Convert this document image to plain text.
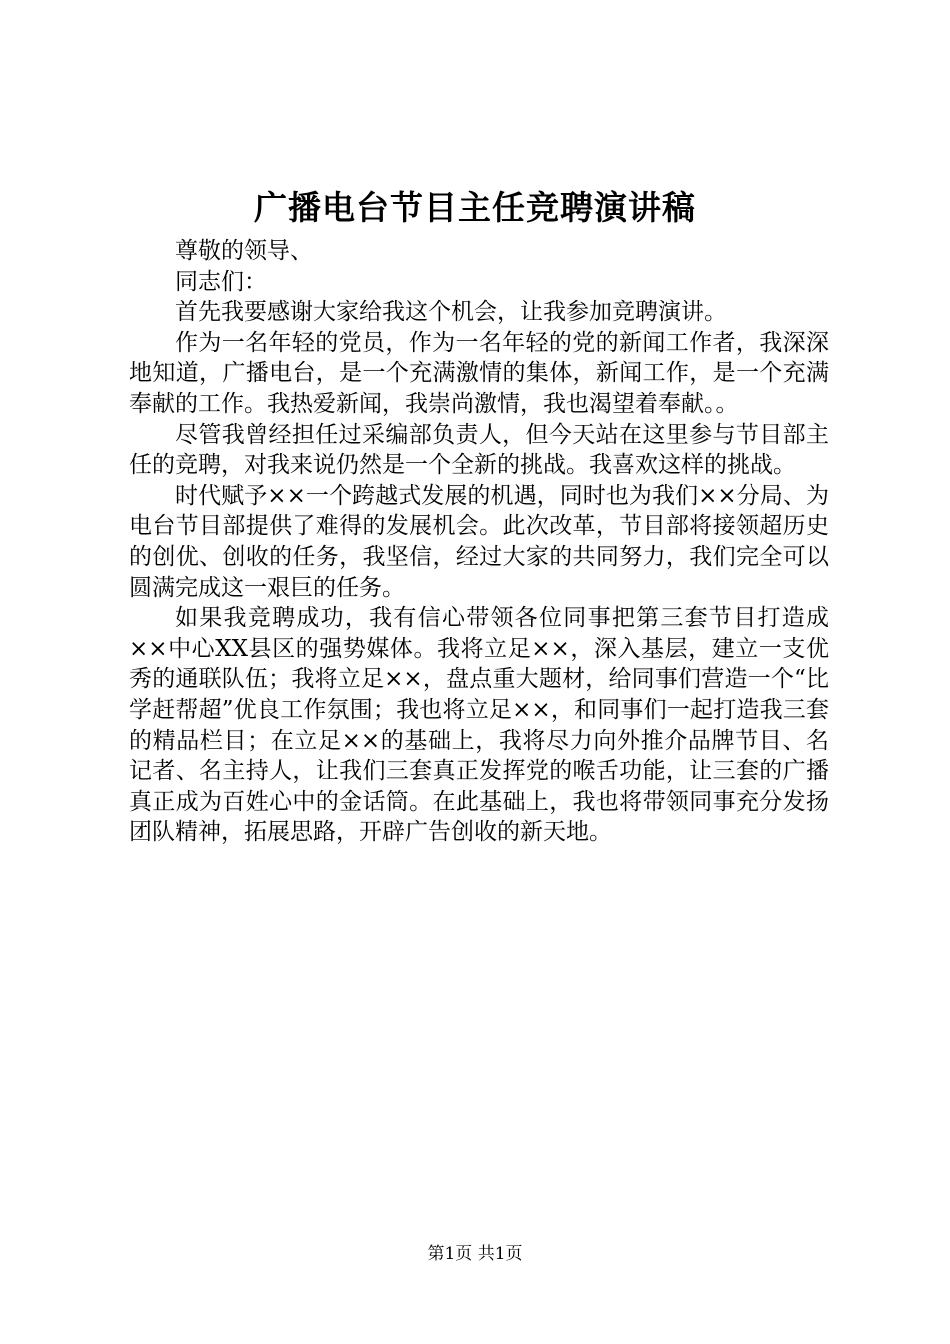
广播电台节目主任竞聘演讲稿

尊敬的领导、

同志们：

首先我要感谢大家给我这个机会，让我参加竞聘演讲。

作为一名年轻的党员，作为一名年轻的党的新闻工作者，我深深地知道，广播电台，是一个充满激情的集体，新闻工作，是一个充满奉献的工作。我热爱新闻，我崇尚激情，我也渴望着奉献。。

尽管我曾经担任过采编部负责人，但今天站在这里参与节目部主任的竞聘，对我来说仍然是一个全新的挑战。我喜欢这样的挑战。

时代赋予××一个跨越式发展的机遇，同时也为我们××分局、为电台节目部提供了难得的发展机会。此次改革，节目部将接领超历史的创优、创收的任务，我坚信，经过大家的共同努力，我们完全可以圆满完成这一艰巨的任务。

如果我竞聘成功，我有信心带领各位同事把第三套节目打造成××中心XX县区的强势媒体。我将立足××，深入基层，建立一支优秀的通联队伍；我将立足××，盘点重大题材，给同事们营造一个“比学赶帮超”优良工作氛围；我也将立足××，和同事们一起打造我三套的精品栏目；在立足××的基础上，我将尽力向外推介品牌节目、名记者、名主持人，让我们三套真正发挥党的喉舌功能，让三套的广播真正成为百姓心中的金话筒。在此基础上，我也将带领同事充分发扬团队精神，拓展思路，开辟广告创收的新天地。

第1页 共1页
